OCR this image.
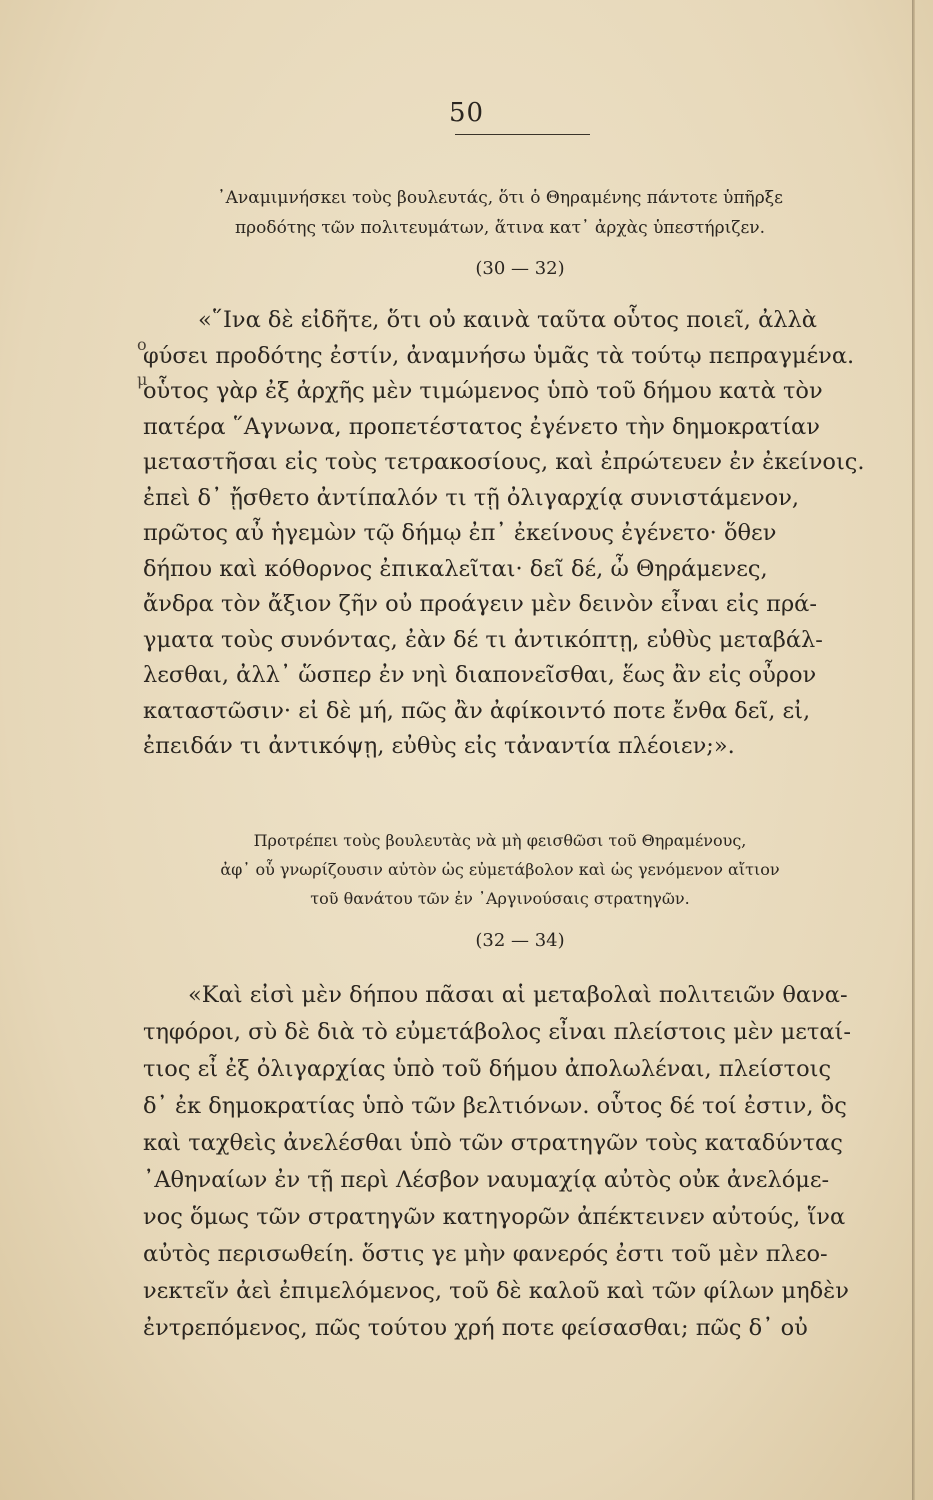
50
᾿Αναμιμνήσκει τοὺς βουλευτάς, ὅτι ὁ Θηραμένης πάντοτε ὑπῆρξε
προδότης τῶν πολιτευμάτων, ἅτινα κατ᾿ ἀρχὰς ὑπεστήριζεν.
(30 — 32)
ο
μ
«῞Ινα δὲ εἰδῆτε, ὅτι οὐ καινὰ ταῦτα οὗτος ποιεῖ, ἀλλὰ
φύσει προδότης ἐστίν, ἀναμνήσω ὑμᾶς τὰ τούτῳ πεπραγμένα.
οὗτος γὰρ ἐξ ἀρχῆς μὲν τιμώμενος ὑπὸ τοῦ δήμου κατὰ τὸν
πατέρα ῞Αγνωνα, προπετέστατος ἐγένετο τὴν δημοκρατίαν
μεταστῆσαι εἰς τοὺς τετρακοσίους, καὶ ἐπρώτευεν ἐν ἐκείνοις.
ἐπεὶ δ᾿ ᾔσθετο ἀντίπαλόν τι τῇ ὀλιγαρχίᾳ συνιστάμενον,
πρῶτος αὖ ἡγεμὼν τῷ δήμῳ ἐπ᾿ ἐκείνους ἐγένετο· ὅθεν
δήπου καὶ κόθορνος ἐπικαλεῖται· δεῖ δέ, ὦ Θηράμενες,
ἄνδρα τὸν ἄξιον ζῆν οὐ προάγειν μὲν δεινὸν εἶναι εἰς πρά-
γματα τοὺς συνόντας, ἐὰν δέ τι ἀντικόπτῃ, εὐθὺς μεταβάλ-
λεσθαι, ἀλλ᾿ ὥσπερ ἐν νηὶ διαπονεῖσθαι, ἕως ἂν εἰς οὖρον
καταστῶσιν· εἰ δὲ μή, πῶς ἂν ἀφίκοιντό ποτε ἔνθα δεῖ, εἰ,
ἐπειδάν τι ἀντικόψῃ, εὐθὺς εἰς τἀναντία πλέοιεν;».
Προτρέπει τοὺς βουλευτὰς νὰ μὴ φεισθῶσι τοῦ Θηραμένους,
ἀφ᾿ οὗ γνωρίζουσιν αὐτὸν ὡς εὐμετάβολον καὶ ὡς γενόμενον αἴτιον
τοῦ θανάτου τῶν ἐν ᾿Αργινούσαις στρατηγῶν.
(32 — 34)
«Καὶ εἰσὶ μὲν δήπου πᾶσαι αἱ μεταβολαὶ πολιτειῶν θανα-
τηφόροι, σὺ δὲ διὰ τὸ εὐμετάβολος εἶναι πλείστοις μὲν μεταί-
τιος εἶ ἐξ ὀλιγαρχίας ὑπὸ τοῦ δήμου ἀπολωλέναι, πλείστοις
δ᾿ ἐκ δημοκρατίας ὑπὸ τῶν βελτιόνων. οὗτος δέ τοί ἐστιν, ὃς
καὶ ταχθεὶς ἀνελέσθαι ὑπὸ τῶν στρατηγῶν τοὺς καταδύντας
᾿Αθηναίων ἐν τῇ περὶ Λέσβον ναυμαχίᾳ αὐτὸς οὐκ ἀνελόμε-
νος ὅμως τῶν στρατηγῶν κατηγορῶν ἀπέκτεινεν αὐτούς, ἵνα
αὐτὸς περισωθείη. ὅστις γε μὴν φανερός ἐστι τοῦ μὲν πλεο-
νεκτεῖν ἀεὶ ἐπιμελόμενος, τοῦ δὲ καλοῦ καὶ τῶν φίλων μηδὲν
ἐντρεπόμενος, πῶς τούτου χρή ποτε φείσασθαι; πῶς δ᾿ οὐ
